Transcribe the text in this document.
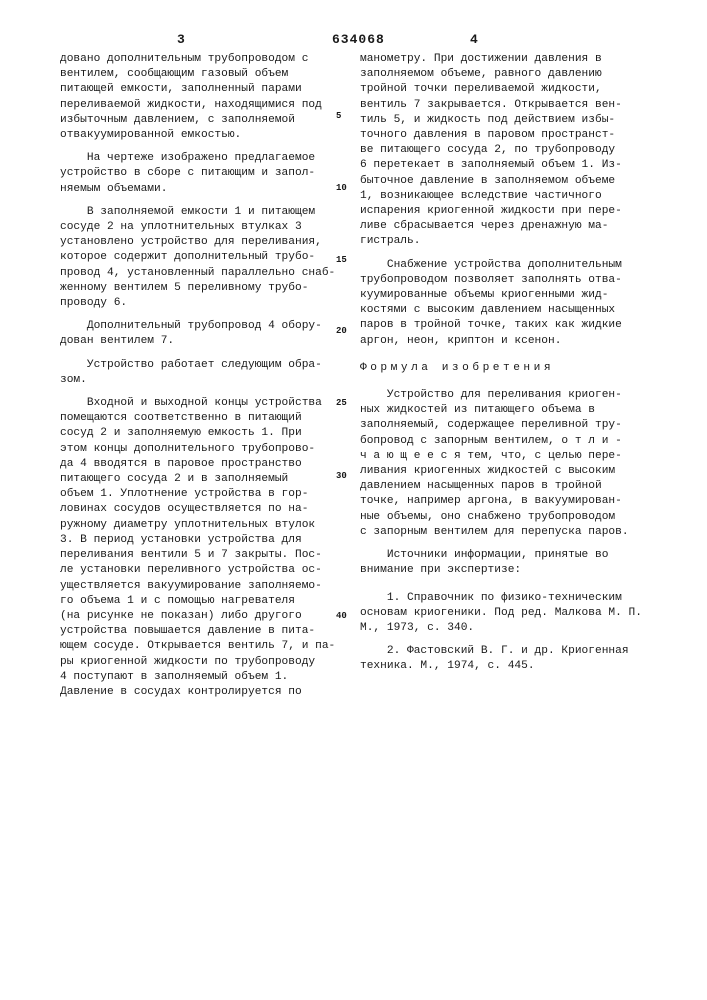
3	634068	4
5
10
15
20
25
30
40

довано дополнительным трубопроводом с
вентилем, сообщающим газовый объем
питающей емкости, заполненный парами
переливаемой жидкости, находящимися под
избыточным давлением, с заполняемой
отвакуумированной емкостью.

На чертеже изображено предлагаемое
устройство в сборе с питающим и запол-
няемым объемами.

В заполняемой емкости 1 и питающем
сосуде 2 на уплотнительных втулках 3
установлено устройство для переливания,
которое содержит дополнительный трубо-
провод 4, установленный параллельно снаб-
женному вентилем 5 переливному трубо-
проводу 6.

Дополнительный трубопровод 4 обору-
дован вентилем 7.

Устройство работает следующим обра-
зом.

Входной и выходной концы устройства
помещаются соответственно в питающий
сосуд 2 и заполняемую емкость 1. При
этом концы дополнительного трубопрово-
да 4 вводятся в паровое пространство
питающего сосуда 2 и в заполняемый
объем 1. Уплотнение устройства в гор-
ловинах сосудов осуществляется по на-
ружному диаметру уплотнительных втулок
3. В период установки устройства для
переливания вентили 5 и 7 закрыты. Пос-
ле установки переливного устройства ос-
уществляется вакуумирование заполняемо-
го объема 1 и с помощью нагревателя
(на рисунке не показан) либо другого
устройства повышается давление в пита-
ющем сосуде. Открывается вентиль 7, и па-
ры криогенной жидкости по трубопроводу
4 поступают в заполняемый объем 1.
Давление в сосудах контролируется по

манометру. При достижении давления в
заполняемом объеме, равного давлению
тройной точки переливаемой жидкости,
вентиль 7 закрывается. Открывается вен-
тиль 5, и жидкость под действием избы-
точного давления в паровом пространст-
ве питающего сосуда 2, по трубопроводу
6 перетекает в заполняемый объем 1. Из-
быточное давление в заполняемом объеме
1, возникающее вследствие частичного
испарения криогенной жидкости при пере-
ливе сбрасывается через дренажную ма-
гистраль.

Снабжение устройства дополнительным
трубопроводом позволяет заполнять отва-
куумированные объемы криогенными жид-
костями с высоким давлением насыщенных
паров в тройной точке, таких как жидкие
аргон, неон, криптон и ксенон.

Формула изобретения

Устройство для переливания криоген-
ных жидкостей из питающего объема в
заполняемый, содержащее переливной тру-
бопровод с запорным вентилем, о т л и -
ч а ю щ е е с я тем, что, с целью пере-
ливания криогенных жидкостей с высоким
давлением насыщенных паров в тройной
точке, например аргона, в вакуумирован-
ные объемы, оно снабжено трубопроводом
с запорным вентилем для перепуска паров.

Источники информации, принятые во
внимание при экспертизе:

1. Справочник по физико-техническим
основам криогеники. Под ред. Малкова М. П.
М., 1973, с. 340.

2. Фастовский В. Г. и др. Криогенная
техника. М., 1974, с. 445.
